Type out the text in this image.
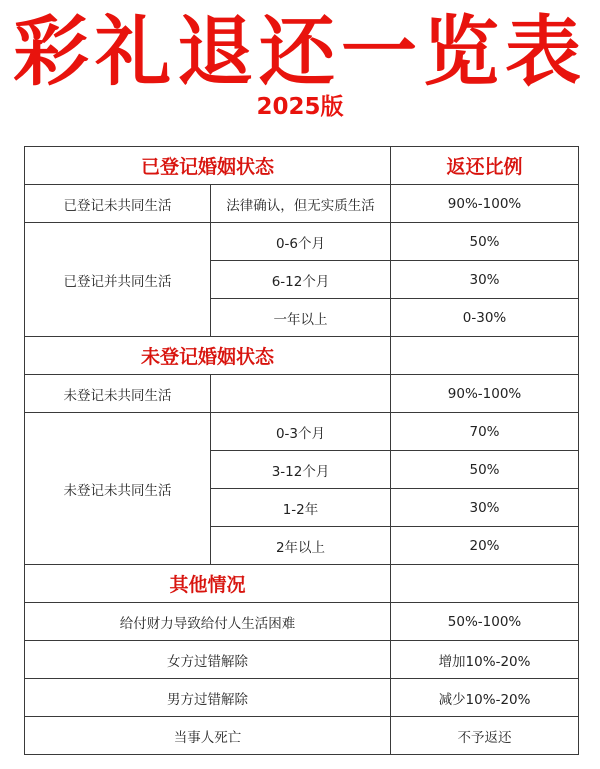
彩礼退还一览表
2025版
已登记婚姻状态		返还比例
已登记未共同生活	法律确认，但无实质生活	90%-100%
已登记并共同生活	0-6个月	50%
	6-12个月	30%
	一年以上	0-30%
未登记婚姻状态		
未登记未共同生活		90%-100%
未登记未共同生活	0-3个月	70%
	3-12个月	50%
	1-2年	30%
	2年以上	20%
其他情况		
给付财力导致给付人生活困难		50%-100%
女方过错解除		增加10%-20%
男方过错解除		减少10%-20%
当事人死亡		不予返还
